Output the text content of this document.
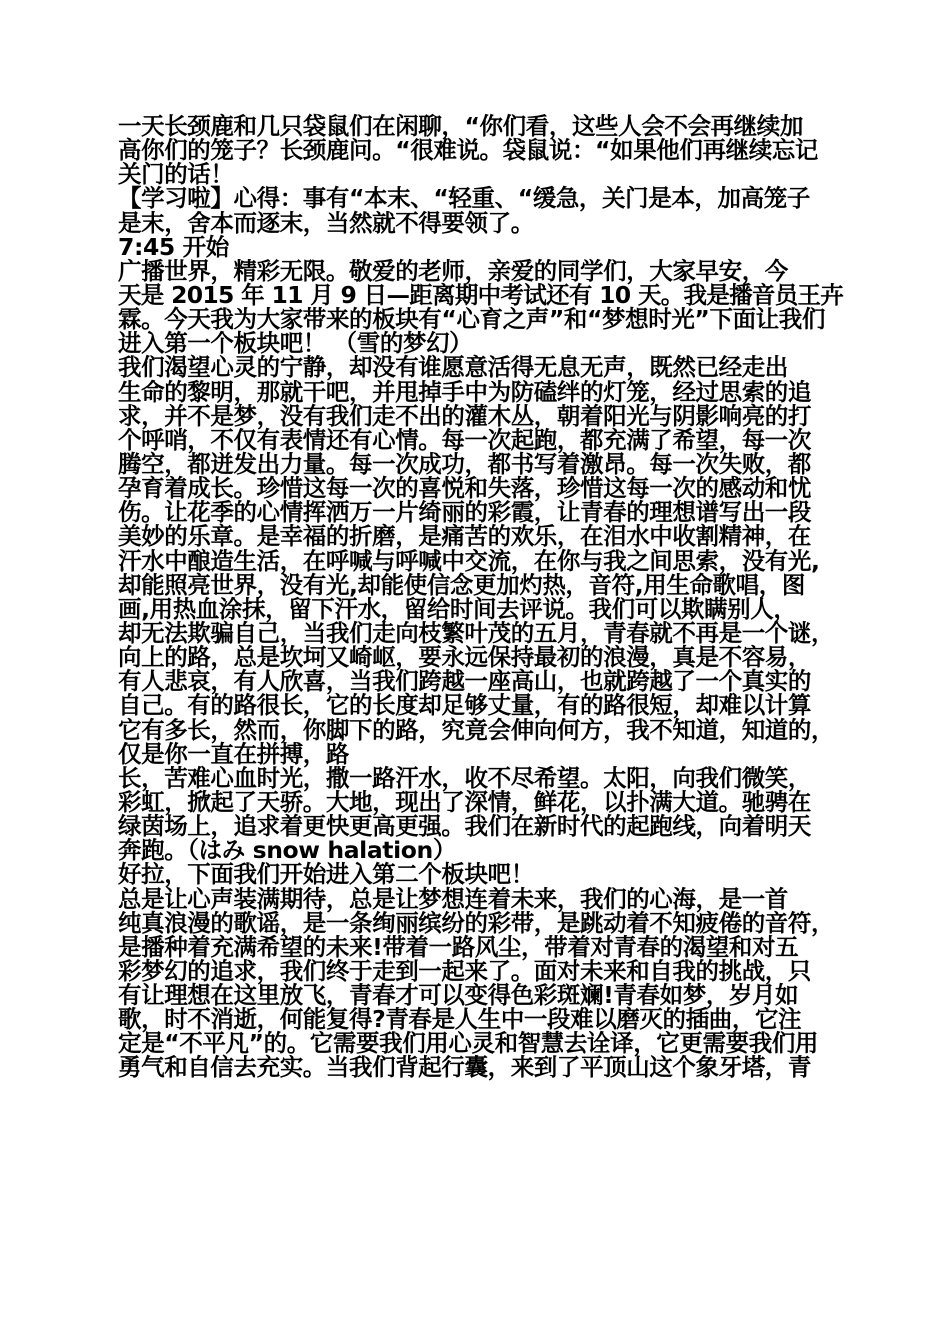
一天长颈鹿和几只袋鼠们在闲聊，“你们看，这些人会不会再继续加
高你们的笼子？长颈鹿问。“很难说。袋鼠说：“如果他们再继续忘记
关门的话！
【学习啦】心得：事有“本末、“轻重、“缓急，关门是本，加高笼子
是末，舍本而逐末，当然就不得要领了。
7:45 开始
广播世界，精彩无限。敬爱的老师，亲爱的同学们，大家早安，今
天是 2015 年 11 月 9 日—距离期中考试还有 10 天。我是播音员王卉
霖。今天我为大家带来的板块有“心育之声”和“梦想时光”下面让我们
进入第一个板块吧！ （雪的梦幻）
我们渴望心灵的宁静，却没有谁愿意活得无息无声，既然已经走出
生命的黎明，那就干吧，并甩掉手中为防磕绊的灯笼，经过思索的追
求，并不是梦，没有我们走不出的灌木丛，朝着阳光与阴影响亮的打
个呼哨，不仅有表情还有心情。每一次起跑，都充满了希望，每一次
腾空，都迸发出力量。每一次成功，都书写着激昂。每一次失败，都
孕育着成长。珍惜这每一次的喜悦和失落，珍惜这每一次的感动和忧
伤。让花季的心情挥洒万一片绮丽的彩霞，让青春的理想谱写出一段
美妙的乐章。是幸福的折磨，是痛苦的欢乐，在泪水中收割精神，在
汗水中酿造生活，在呼喊与呼喊中交流，在你与我之间思索，没有光,
却能照亮世界，没有光,却能使信念更加灼热，音符,用生命歌唱，图
画,用热血涂抹，留下汗水，留给时间去评说。我们可以欺瞒别人，
却无法欺骗自己，当我们走向枝繁叶茂的五月，青春就不再是一个谜，
向上的路，总是坎坷又崎岖，要永远保持最初的浪漫，真是不容易，
有人悲哀，有人欣喜，当我们跨越一座高山，也就跨越了一个真实的
自己。有的路很长，它的长度却足够丈量，有的路很短，却难以计算
它有多长，然而，你脚下的路，究竟会伸向何方，我不知道，知道的，
仅是你一直在拼搏，路
长，苦难心血时光，撒一路汗水，收不尽希望。太阳，向我们微笑，
彩虹，掀起了天骄。大地，现出了深情，鲜花，以扑满大道。驰骋在
绿茵场上，追求着更快更高更强。我们在新时代的起跑线，向着明天
奔跑。（はみ snow halation）
好拉，下面我们开始进入第二个板块吧！
总是让心声装满期待，总是让梦想连着未来，我们的心海，是一首
纯真浪漫的歌谣，是一条绚丽缤纷的彩带，是跳动着不知疲倦的音符，
是播种着充满希望的未来!带着一路风尘，带着对青春的渴望和对五
彩梦幻的追求，我们终于走到一起来了。面对未来和自我的挑战，只
有让理想在这里放飞，青春才可以变得色彩斑斓!青春如梦，岁月如
歌，时不消逝，何能复得?青春是人生中一段难以磨灭的插曲，它注
定是“不平凡”的。它需要我们用心灵和智慧去诠译，它更需要我们用
勇气和自信去充实。当我们背起行囊，来到了平顶山这个象牙塔，青
